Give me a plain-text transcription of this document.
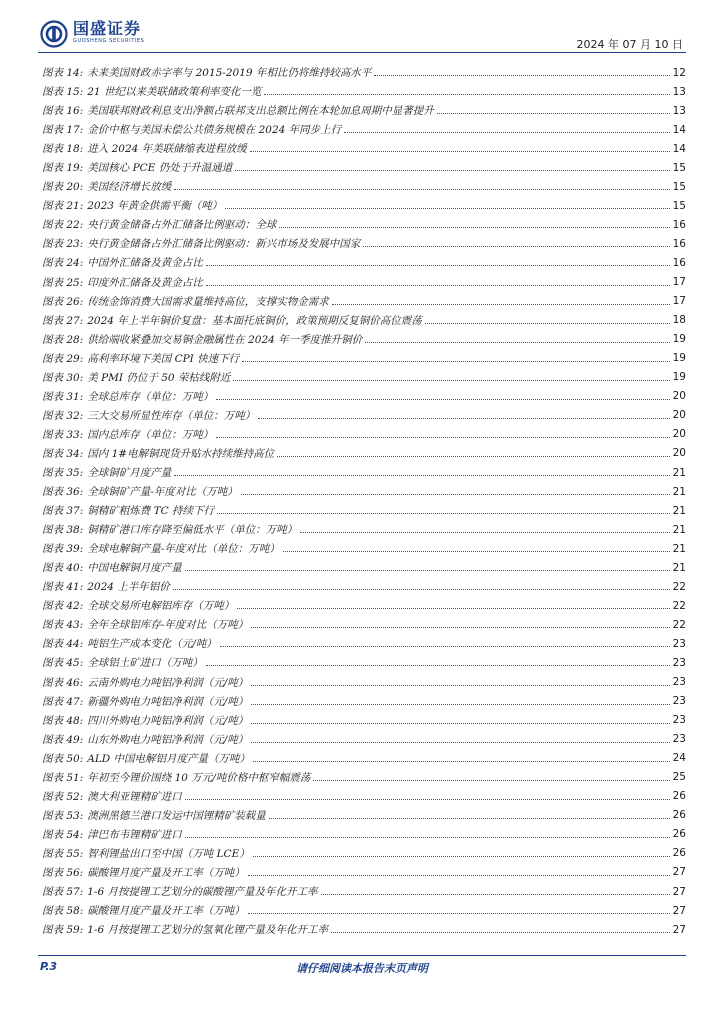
国盛证券
GUOSHENG SECURITIES	2024 年 07 月 10 日
图表 14: 未来美国财政赤字率与 2015-2019 年相比仍将维持较高水平	12
图表 15: 21 世纪以来美联储政策利率变化一览	13
图表 16: 美国联邦财政利息支出净额占联邦支出总额比例在本轮加息周期中显著提升	13
图表 17: 金价中枢与美国未偿公共债务规模在 2024 年同步上行	14
图表 18: 进入 2024 年美联储缩表进程放缓	14
图表 19: 美国核心 PCE 仍处于升温通道	15
图表 20: 美国经济增长放缓	15
图表 21: 2023 年黄金供需平衡（吨）	15
图表 22: 央行黄金储备占外汇储备比例驱动：全球	16
图表 23: 央行黄金储备占外汇储备比例驱动：新兴市场及发展中国家	16
图表 24: 中国外汇储备及黄金占比	16
图表 25: 印度外汇储备及黄金占比	17
图表 26: 传统金饰消费大国需求量维持高位，支撑实物金需求	17
图表 27: 2024 年上半年铜价复盘：基本面托底铜价，政策预期反复铜价高位震荡	18
图表 28: 供给端收紧叠加交易铜金融属性在 2024 年一季度推升铜价	19
图表 29: 高利率环境下美国 CPI 快速下行	19
图表 30: 美 PMI 仍位于 50 荣枯线附近	19
图表 31: 全球总库存（单位：万吨）	20
图表 32: 三大交易所显性库存（单位：万吨）	20
图表 33: 国内总库存（单位：万吨）	20
图表 34: 国内 1#电解铜现货升贴水持续维持高位	20
图表 35: 全球铜矿月度产量	21
图表 36: 全球铜矿产量-年度对比（万吨）	21
图表 37: 铜精矿粗炼费 TC 持续下行	21
图表 38: 铜精矿港口库存降至偏低水平（单位：万吨）	21
图表 39: 全球电解铜产量-年度对比（单位：万吨）	21
图表 40: 中国电解铜月度产量	21
图表 41: 2024 上半年铝价	22
图表 42: 全球交易所电解铝库存（万吨）	22
图表 43: 全年全球铝库存-年度对比（万吨）	22
图表 44: 吨铝生产成本变化（元/吨）	23
图表 45: 全球铝土矿进口（万吨）	23
图表 46: 云南外购电力吨铝净利润（元/吨）	23
图表 47: 新疆外购电力吨铝净利润（元/吨）	23
图表 48: 四川外购电力吨铝净利润（元/吨）	23
图表 49: 山东外购电力吨铝净利润（元/吨）	23
图表 50: ALD 中国电解铝月度产量（万吨）	24
图表 51: 年初至今锂价围绕 10 万元/吨价格中枢窄幅震荡	25
图表 52: 澳大利亚锂精矿进口	26
图表 53: 澳洲黑德兰港口发运中国锂精矿装载量	26
图表 54: 津巴布韦锂精矿进口	26
图表 55: 智利锂盐出口至中国（万吨 LCE）	26
图表 56: 碳酸锂月度产量及开工率（万吨）	27
图表 57: 1-6 月按提锂工艺划分的碳酸锂产量及年化开工率	27
图表 58: 碳酸锂月度产量及开工率（万吨）	27
图表 59: 1-6 月按提锂工艺划分的氢氧化锂产量及年化开工率	27
P.3	请仔细阅读本报告末页声明
